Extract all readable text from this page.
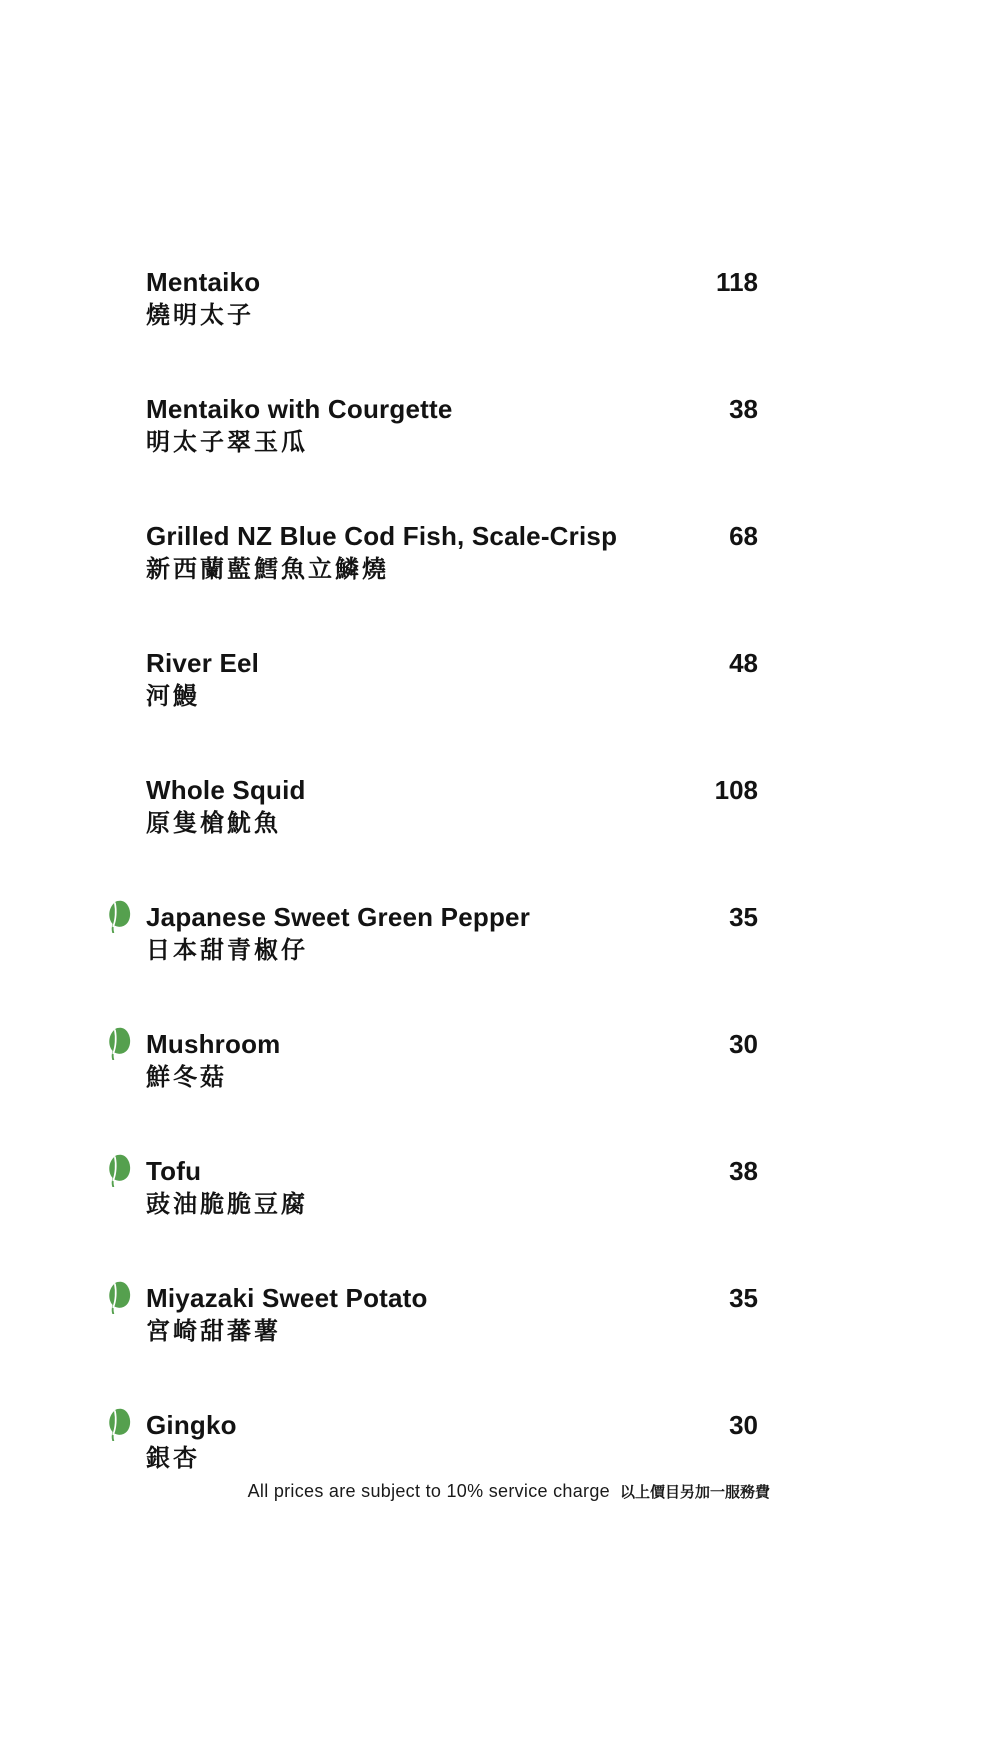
Mentaiko	118
燒明太子
Mentaiko with Courgette	38
明太子翠玉瓜
Grilled NZ Blue Cod Fish, Scale-Crisp	68
新西蘭藍鱈魚立鱗燒
River Eel	48
河鰻
Whole Squid	108
原隻槍魷魚
Japanese Sweet Green Pepper	35
日本甜青椒仔
Mushroom	30
鮮冬菇
Tofu	38
豉油脆脆豆腐
Miyazaki Sweet Potato	35
宮崎甜蕃薯
Gingko	30
銀杏
All prices are subject to 10% service charge 以上價目另加一服務費
